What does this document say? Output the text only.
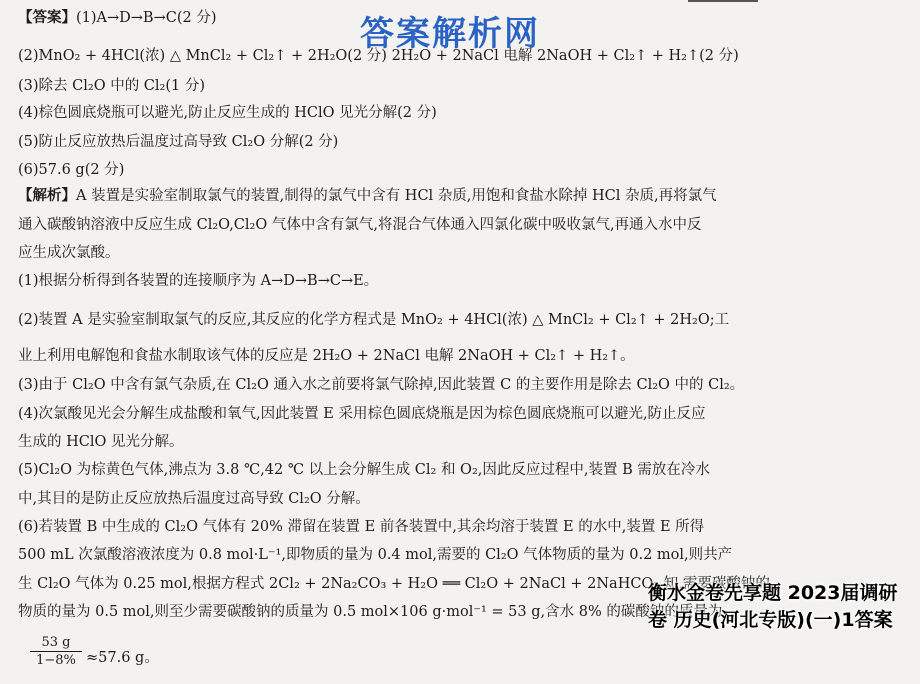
【答案】(1)A→D→B→C(2 分)
(2)MnO₂ + 4HCl(浓) △ MnCl₂ + Cl₂↑ + 2H₂O(2 分) 2H₂O + 2NaCl 电解 2NaOH + Cl₂↑ + H₂↑(2 分)
(3)除去 Cl₂O 中的 Cl₂(1 分)
(4)棕色圆底烧瓶可以避光,防止反应生成的 HClO 见光分解(2 分)
(5)防止反应放热后温度过高导致 Cl₂O 分解(2 分)
(6)57.6 g(2 分)
【解析】A 装置是实验室制取氯气的装置,制得的氯气中含有 HCl 杂质,用饱和食盐水除掉 HCl 杂质,再将氯气
通入碳酸钠溶液中反应生成 Cl₂O,Cl₂O 气体中含有氯气,将混合气体通入四氯化碳中吸收氯气,再通入水中反
应生成次氯酸。
(1)根据分析得到各装置的连接顺序为 A→D→B→C→E。
(2)装置 A 是实验室制取氯气的反应,其反应的化学方程式是 MnO₂ + 4HCl(浓) △ MnCl₂ + Cl₂↑ + 2H₂O;工
业上利用电解饱和食盐水制取该气体的反应是 2H₂O + 2NaCl 电解 2NaOH + Cl₂↑ + H₂↑。
(3)由于 Cl₂O 中含有氯气杂质,在 Cl₂O 通入水之前要将氯气除掉,因此装置 C 的主要作用是除去 Cl₂O 中的 Cl₂。
(4)次氯酸见光会分解生成盐酸和氧气,因此装置 E 采用棕色圆底烧瓶是因为棕色圆底烧瓶可以避光,防止反应
生成的 HClO 见光分解。
(5)Cl₂O 为棕黄色气体,沸点为 3.8 ℃,42 ℃ 以上会分解生成 Cl₂ 和 O₂,因此反应过程中,装置 B 需放在冷水
中,其目的是防止反应放热后温度过高导致 Cl₂O 分解。
(6)若装置 B 中生成的 Cl₂O 气体有 20% 滞留在装置 E 前各装置中,其余均溶于装置 E 的水中,装置 E 所得
500 mL 次氯酸溶液浓度为 0.8 mol·L⁻¹,即物质的量为 0.4 mol,需要的 Cl₂O 气体物质的量为 0.2 mol,则共产
生 Cl₂O 气体为 0.25 mol,根据方程式 2Cl₂ + 2Na₂CO₃ + H₂O ══ Cl₂O + 2NaCl + 2NaHCO₃ 知,需要碳酸钠的
物质的量为 0.5 mol,则至少需要碳酸钠的质量为 0.5 mol×106 g·mol⁻¹ = 53 g,含水 8% 的碳酸钠的质量为
$\frac{53 g}{1-8\%} \approx 57.6$ g。
答案解析网
衡水金卷先享题 2023届调研卷 历史(河北专版)(一)1答案
